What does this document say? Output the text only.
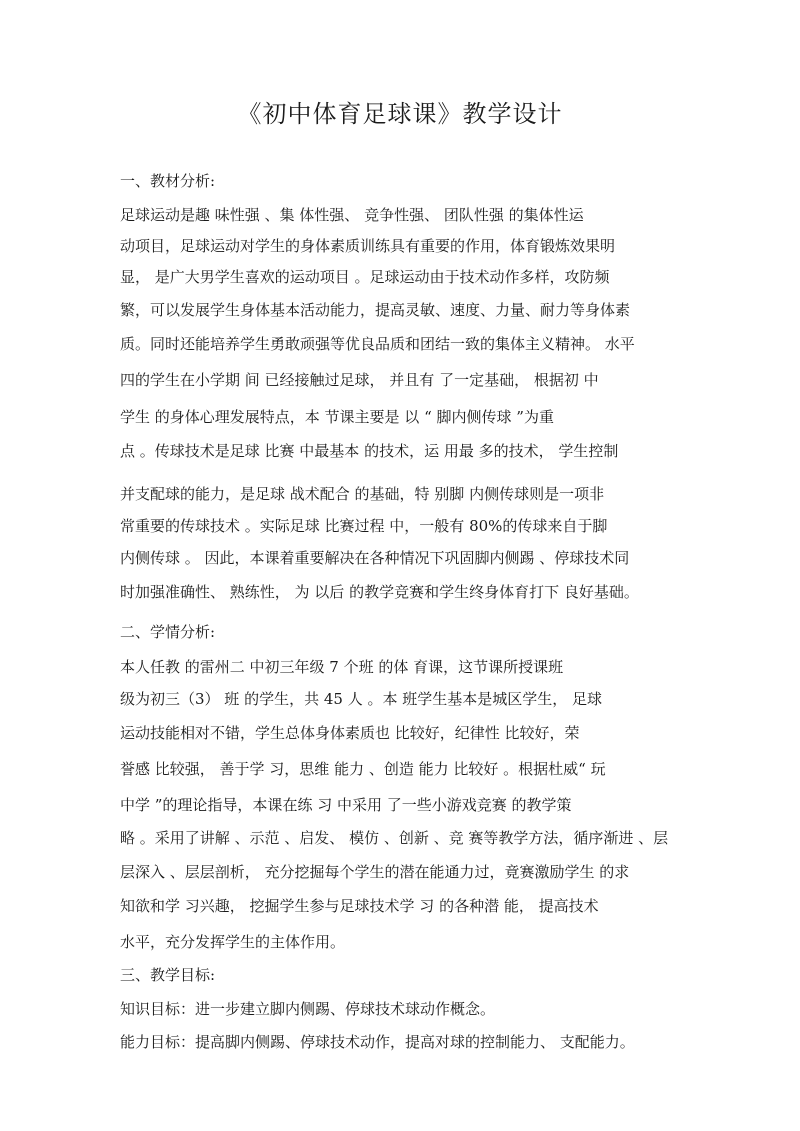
《初中体育足球课》教学设计
一、教材分析:
足球运动是趣 味性强 、集 体性强、 竞争性强、 团队性强 的集体性运
动项目，足球运动对学生的身体素质训练具有重要的作用，体育锻炼效果明
显， 是广大男学生喜欢的运动项目 。足球运动由于技术动作多样，攻防频
繁，可以发展学生身体基本活动能力，提高灵敏、速度、力量、耐力等身体素
质。同时还能培养学生勇敢顽强等优良品质和团结一致的集体主义精神。 水平
四的学生在小学期 间 已经接触过足球， 并且有 了一定基础， 根据初 中
学生 的身体心理发展特点，本 节课主要是 以 “ 脚内侧传球 ”为重
点 。传球技术是足球 比赛 中最基本 的技术，运 用最 多的技术， 学生控制
并支配球的能力，是足球 战术配合 的基础，特 别脚 内侧传球则是一项非
常重要的传球技术 。实际足球 比赛过程 中，一般有 80%的传球来自于脚
内侧传球 。 因此，本课着重要解决在各种情况下巩固脚内侧踢 、停球技术同
时加强准确性、 熟练性， 为 以后 的教学竞赛和学生终身体育打下 良好基础。
二、学情分析:
本人任教 的雷州二 中初三年级 7 个班 的体 育课，这节课所授课班
级为初三（3） 班 的学生，共 45 人 。本 班学生基本是城区学生， 足球
运动技能相对不错，学生总体身体素质也 比较好，纪律性 比较好，荣
誉感 比较强， 善于学 习，思维 能力 、创造 能力 比较好 。根据杜威“ 玩
中学 ”的理论指导，本课在练 习 中采用 了一些小游戏竞赛 的教学策
略 。采用了讲解 、示范 、启发、 模仿 、创新 、竞 赛等教学方法，循序渐进 、层
层深入 、层层剖析， 充分挖掘每个学生的潜在能通力过，竟赛激励学生 的求
知欲和学 习兴趣， 挖掘学生参与足球技术学 习 的各种潜 能， 提高技术
水平，充分发挥学生的主体作用。
三、教学目标:
知识目标：进一步建立脚内侧踢、停球技术球动作概念。
能力目标：提高脚内侧踢、停球技术动作，提高对球的控制能力、 支配能力。
